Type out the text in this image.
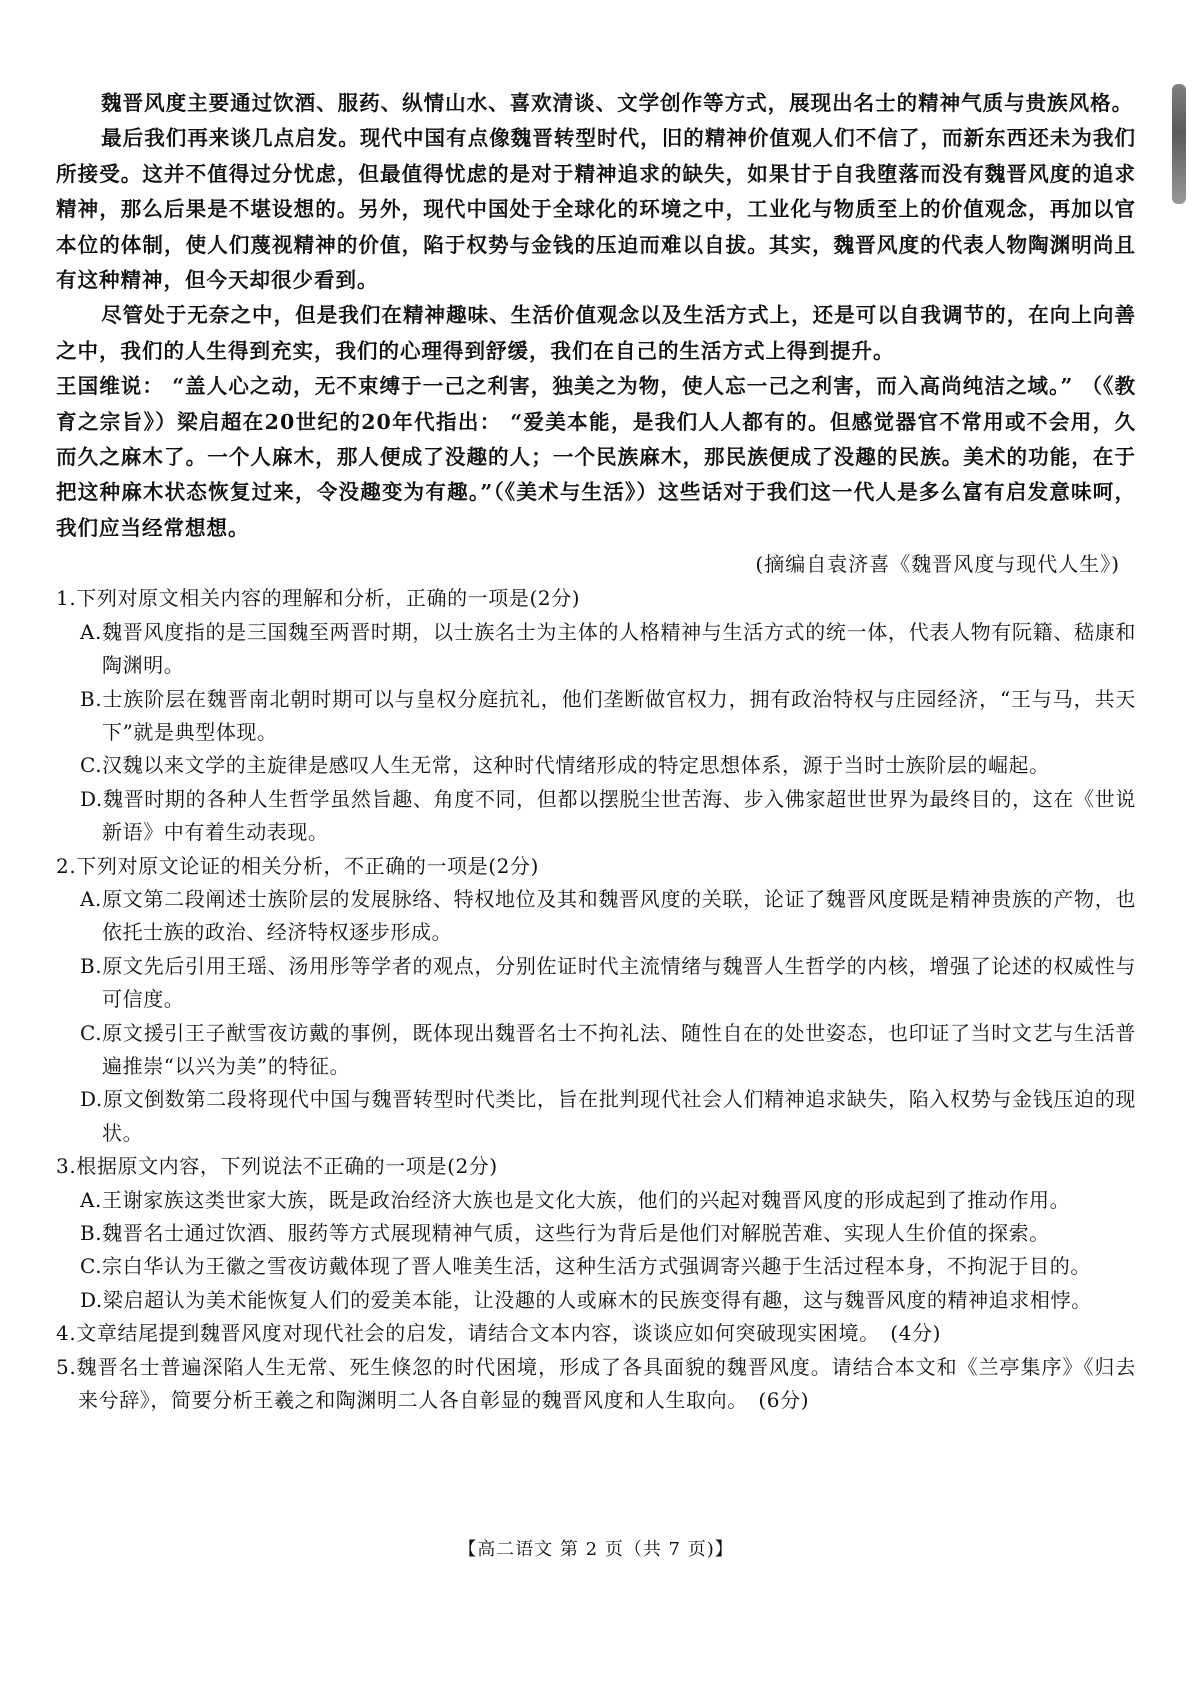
魏晋风度主要通过饮酒、服药、纵情山水、喜欢清谈、文学创作等方式，展现出名士的精神气质与贵族风格。

最后我们再来谈几点启发。现代中国有点像魏晋转型时代，旧的精神价值观人们不信了，而新东西还未为我们所接受。这并不值得过分忧虑，但最值得忧虑的是对于精神追求的缺失，如果甘于自我堕落而没有魏晋风度的追求精神，那么后果是不堪设想的。另外，现代中国处于全球化的环境之中，工业化与物质至上的价值观念，再加以官本位的体制，使人们蔑视精神的价值，陷于权势与金钱的压迫而难以自拔。其实，魏晋风度的代表人物陶渊明尚且有这种精神，但今天却很少看到。

尽管处于无奈之中，但是我们在精神趣味、生活价值观念以及生活方式上，还是可以自我调节的，在向上向善之中，我们的人生得到充实，我们的心理得到舒缓，我们在自己的生活方式上得到提升。

王国维说： “盖人心之动，无不束缚于一己之利害，独美之为物，使人忘一己之利害，而入高尚纯洁之域。” （《教育之宗旨》）梁启超在20世纪的20年代指出： “爱美本能，是我们人人都有的。但感觉器官不常用或不会用，久而久之麻木了。一个人麻木，那人便成了没趣的人；一个民族麻木，那民族便成了没趣的民族。美术的功能，在于把这种麻木状态恢复过来，令没趣变为有趣。”（《美术与生活》）这些话对于我们这一代人是多么富有启发意味呵，我们应当经常想想。

(摘编自袁济喜《魏晋风度与现代人生》)

1.下列对原文相关内容的理解和分析，正确的一项是(2分)

A.魏晋风度指的是三国魏至两晋时期，以士族名士为主体的人格精神与生活方式的统一体，代表人物有阮籍、嵇康和陶渊明。

B.士族阶层在魏晋南北朝时期可以与皇权分庭抗礼，他们垄断做官权力，拥有政治特权与庄园经济，“王与马，共天下”就是典型体现。

C.汉魏以来文学的主旋律是感叹人生无常，这种时代情绪形成的特定思想体系，源于当时士族阶层的崛起。

D.魏晋时期的各种人生哲学虽然旨趣、角度不同，但都以摆脱尘世苦海、步入佛家超世世界为最终目的，这在《世说新语》中有着生动表现。

2.下列对原文论证的相关分析，不正确的一项是(2分)

A.原文第二段阐述士族阶层的发展脉络、特权地位及其和魏晋风度的关联，论证了魏晋风度既是精神贵族的产物，也依托士族的政治、经济特权逐步形成。

B.原文先后引用王瑶、汤用彤等学者的观点，分别佐证时代主流情绪与魏晋人生哲学的内核，增强了论述的权威性与可信度。

C.原文援引王子猷雪夜访戴的事例，既体现出魏晋名士不拘礼法、随性自在的处世姿态，也印证了当时文艺与生活普遍推崇“以兴为美”的特征。

D.原文倒数第二段将现代中国与魏晋转型时代类比，旨在批判现代社会人们精神追求缺失，陷入权势与金钱压迫的现状。

3.根据原文内容，下列说法不正确的一项是(2分)

A.王谢家族这类世家大族，既是政治经济大族也是文化大族，他们的兴起对魏晋风度的形成起到了推动作用。

B.魏晋名士通过饮酒、服药等方式展现精神气质，这些行为背后是他们对解脱苦难、实现人生价值的探索。

C.宗白华认为王徽之雪夜访戴体现了晋人唯美生活，这种生活方式强调寄兴趣于生活过程本身，不拘泥于目的。

D.梁启超认为美术能恢复人们的爱美本能，让没趣的人或麻木的民族变得有趣，这与魏晋风度的精神追求相悖。

4.文章结尾提到魏晋风度对现代社会的启发，请结合文本内容，谈谈应如何突破现实困境。　(4分)

5.魏晋名士普遍深陷人生无常、死生倏忽的时代困境，形成了各具面貌的魏晋风度。请结合本文和《兰亭集序》《归去来兮辞》，简要分析王羲之和陶渊明二人各自彰显的魏晋风度和人生取向。　(6分)

【高二语文 第 2 页（共 7 页)】
